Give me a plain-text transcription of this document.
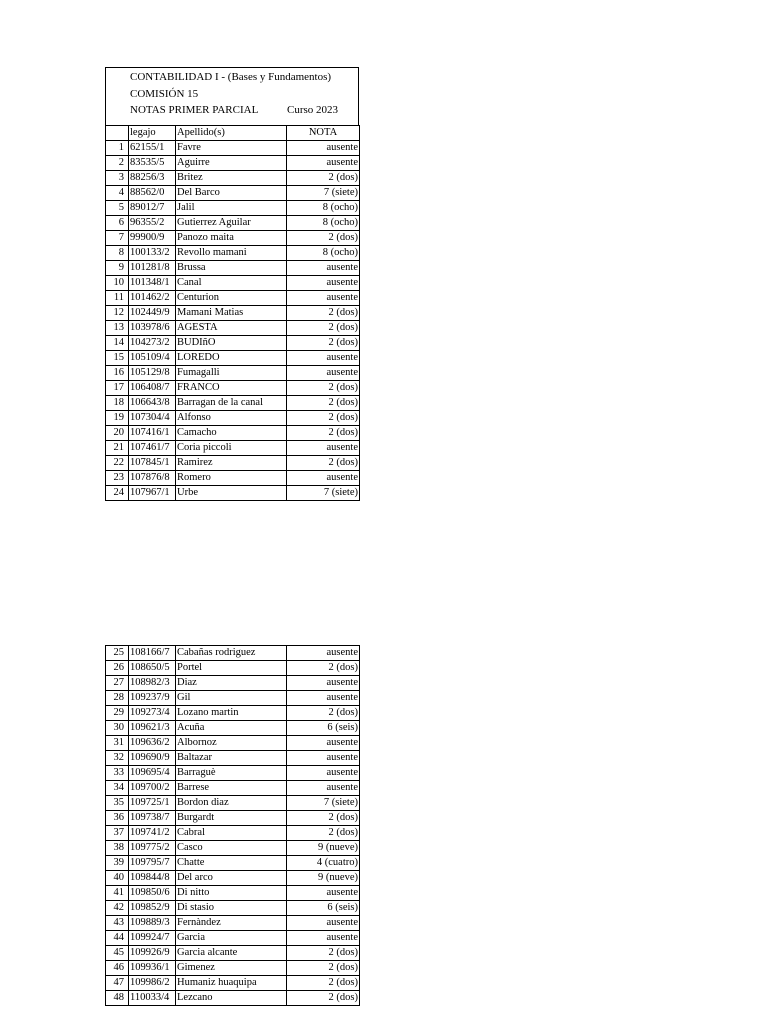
CONTABILIDAD I - (Bases y Fundamentos)
COMISIÓN 15
NOTAS PRIMER PARCIAL	Curso 2023
	legajo	Apellido(s)	NOTA
1	62155/1	Favre	ausente
2	83535/5	Aguirre	ausente
3	88256/3	Britez	2 (dos)
4	88562/0	Del Barco	7 (siete)
5	89012/7	Jalil	8 (ocho)
6	96355/2	Gutierrez Aguilar	8 (ocho)
7	99900/9	Panozo maita	2 (dos)
8	100133/2	Revollo mamani	8 (ocho)
9	101281/8	Brussa	ausente
10	101348/1	Canal	ausente
11	101462/2	Centurion	ausente
12	102449/9	Mamani Matias	2 (dos)
13	103978/6	AGESTA	2 (dos)
14	104273/2	BUDIñO	2 (dos)
15	105109/4	LOREDO	ausente
16	105129/8	Fumagalli	ausente
17	106408/7	FRANCO	2 (dos)
18	106643/8	Barragan de la canal	2 (dos)
19	107304/4	Alfonso	2 (dos)
20	107416/1	Camacho	2 (dos)
21	107461/7	Coria piccoli	ausente
22	107845/1	Ramirez	2 (dos)
23	107876/8	Romero	ausente
24	107967/1	Urbe	7 (siete)
25	108166/7	Cabañas rodriguez	ausente
26	108650/5	Portel	2 (dos)
27	108982/3	Diaz	ausente
28	109237/9	Gil	ausente
29	109273/4	Lozano martin	2 (dos)
30	109621/3	Acuña	6 (seis)
31	109636/2	Albornoz	ausente
32	109690/9	Baltazar	ausente
33	109695/4	Barraguè	ausente
34	109700/2	Barrese	ausente
35	109725/1	Bordon diaz	7 (siete)
36	109738/7	Burgardt	2 (dos)
37	109741/2	Cabral	2 (dos)
38	109775/2	Casco	9 (nueve)
39	109795/7	Chatte	4 (cuatro)
40	109844/8	Del arco	9 (nueve)
41	109850/6	Di nitto	ausente
42	109852/9	Di stasio	6 (seis)
43	109889/3	Fernàndez	ausente
44	109924/7	Garcia	ausente
45	109926/9	Garcia alcante	2 (dos)
46	109936/1	Gimenez	2 (dos)
47	109986/2	Humaniz huaquipa	2 (dos)
48	110033/4	Lezcano	2 (dos)
